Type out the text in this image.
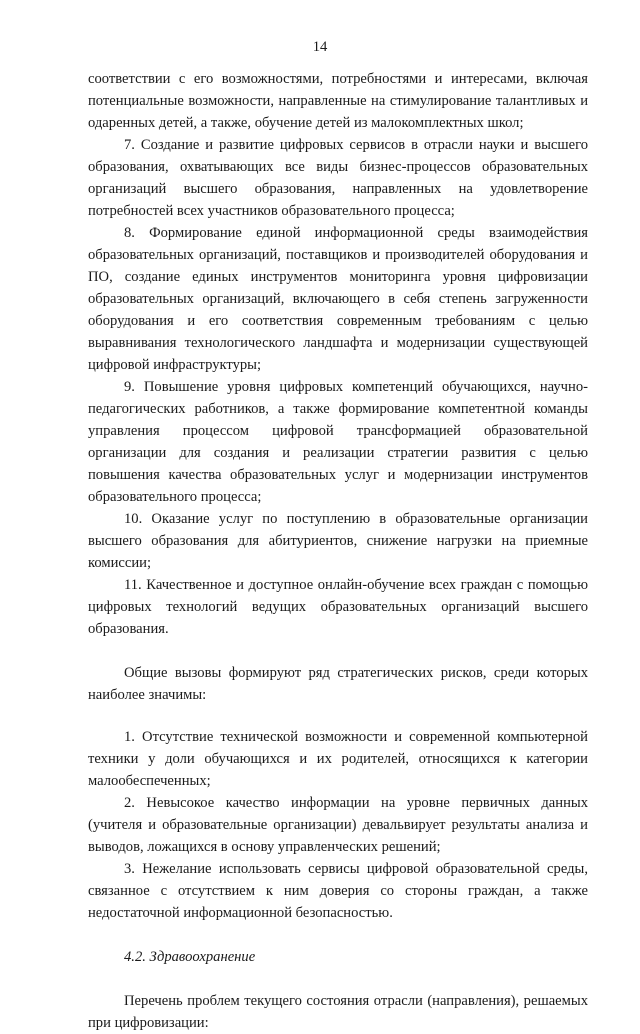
14

соответствии с его возможностями, потребностями и интересами, включая потенциальные возможности, направленные на стимулирование талантливых и одаренных детей, а также, обучение детей из малокомплектных школ;

7. Создание и развитие цифровых сервисов в отрасли науки и высшего образования, охватывающих все виды бизнес-процессов образовательных организаций высшего образования, направленных на удовлетворение потребностей всех участников образовательного процесса;

8. Формирование единой информационной среды взаимодействия образовательных организаций, поставщиков и производителей оборудования и ПО, создание единых инструментов мониторинга уровня цифровизации образовательных организаций, включающего в себя степень загруженности оборудования и его соответствия современным требованиям с целью выравнивания технологического ландшафта и модернизации существующей цифровой инфраструктуры;

9. Повышение уровня цифровых компетенций обучающихся, научно-педагогических работников, а также формирование компетентной команды управления процессом цифровой трансформацией образовательной организации для создания и реализации стратегии развития с целью повышения качества образовательных услуг и модернизации инструментов образовательного процесса;

10. Оказание услуг по поступлению в образовательные организации высшего образования для абитуриентов, снижение нагрузки на приемные комиссии;

11. Качественное и доступное онлайн-обучение всех граждан с помощью цифровых технологий ведущих образовательных организаций высшего образования.

Общие вызовы формируют ряд стратегических рисков, среди которых наиболее значимы:

1. Отсутствие технической возможности и современной компьютерной техники у доли обучающихся и их родителей, относящихся к категории малообеспеченных;

2. Невысокое качество информации на уровне первичных данных (учителя и образовательные организации) девальвирует результаты анализа и выводов, ложащихся в основу управленческих решений;

3. Нежелание использовать сервисы цифровой образовательной среды, связанное с отсутствием к ним доверия со стороны граждан, а также недостаточной информационной безопасностью.

4.2. Здравоохранение

Перечень проблем текущего состояния отрасли (направления), решаемых при цифровизации:
